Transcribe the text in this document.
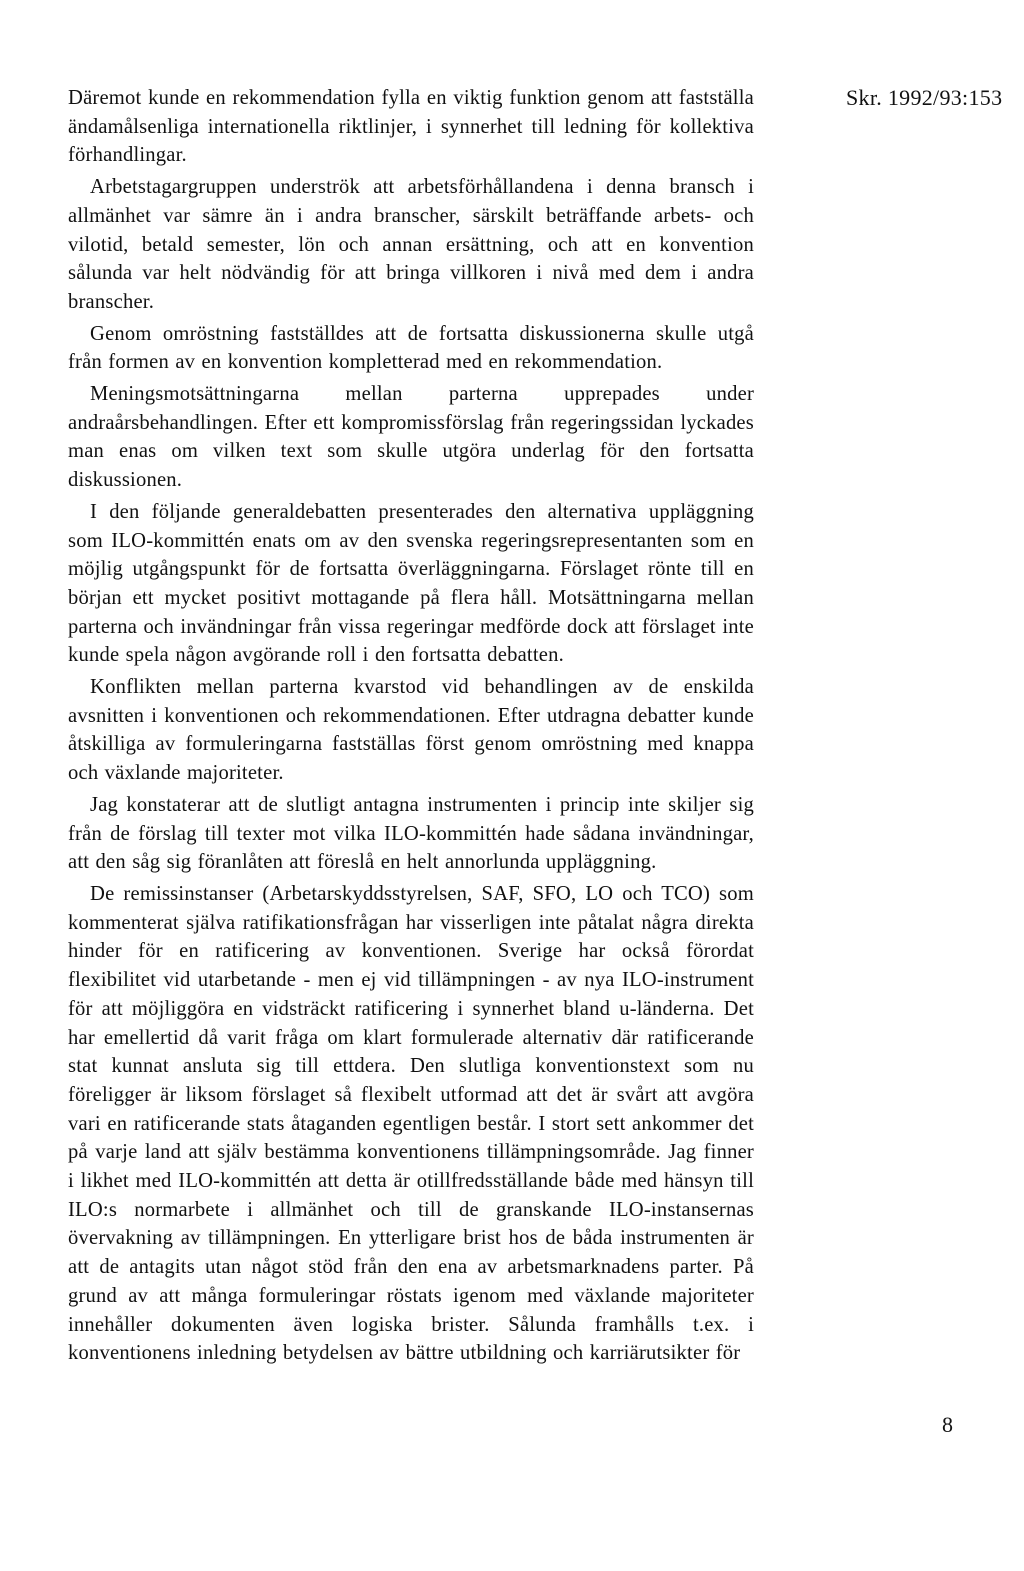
Skr. 1992/93:153

Däremot kunde en rekommendation fylla en viktig funktion genom att fastställa ändamålsenliga internationella riktlinjer, i synnerhet till ledning för kollektiva förhandlingar.

Arbetstagargruppen underströk att arbetsförhållandena i denna bransch i allmänhet var sämre än i andra branscher, särskilt beträffande arbets- och vilotid, betald semester, lön och annan ersättning, och att en konvention sålunda var helt nödvändig för att bringa villkoren i nivå med dem i andra branscher.

Genom omröstning fastställdes att de fortsatta diskussionerna skulle utgå från formen av en konvention kompletterad med en rekommendation.

Meningsmotsättningarna mellan parterna upprepades under andraårsbehandlingen. Efter ett kompromissförslag från regeringssidan lyckades man enas om vilken text som skulle utgöra underlag för den fortsatta diskussionen.

I den följande generaldebatten presenterades den alternativa uppläggning som ILO-kommittén enats om av den svenska regeringsrepresentanten som en möjlig utgångspunkt för de fortsatta överläggningarna. Förslaget rönte till en början ett mycket positivt mottagande på flera håll. Motsättningarna mellan parterna och invändningar från vissa regeringar medförde dock att förslaget inte kunde spela någon avgörande roll i den fortsatta debatten.

Konflikten mellan parterna kvarstod vid behandlingen av de enskilda avsnitten i konventionen och rekommendationen. Efter utdragna debatter kunde åtskilliga av formuleringarna fastställas först genom omröstning med knappa och växlande majoriteter.

Jag konstaterar att de slutligt antagna instrumenten i princip inte skiljer sig från de förslag till texter mot vilka ILO-kommittén hade sådana invändningar, att den såg sig föranlåten att föreslå en helt annorlunda uppläggning.

De remissinstanser (Arbetarskyddsstyrelsen, SAF, SFO, LO och TCO) som kommenterat själva ratifikationsfrågan har visserligen inte påtalat några direkta hinder för en ratificering av konventionen. Sverige har också förordat flexibilitet vid utarbetande - men ej vid tillämpningen - av nya ILO-instrument för att möjliggöra en vidsträckt ratificering i synnerhet bland u-länderna. Det har emellertid då varit fråga om klart formulerade alternativ där ratificerande stat kunnat ansluta sig till ettdera. Den slutliga konventionstext som nu föreligger är liksom förslaget så flexibelt utformad att det är svårt att avgöra vari en ratificerande stats åtaganden egentligen består. I stort sett ankommer det på varje land att själv bestämma konventionens tillämpningsområde. Jag finner i likhet med ILO-kommittén att detta är otillfredsställande både med hänsyn till ILO:s normarbete i allmänhet och till de granskande ILO-instansernas övervakning av tillämpningen. En ytterligare brist hos de båda instrumenten är att de antagits utan något stöd från den ena av arbetsmarknadens parter. På grund av att många formuleringar röstats igenom med växlande majoriteter innehåller dokumenten även logiska brister. Sålunda framhålls t.ex. i konventionens inledning betydelsen av bättre utbildning och karriärutsikter för

8
